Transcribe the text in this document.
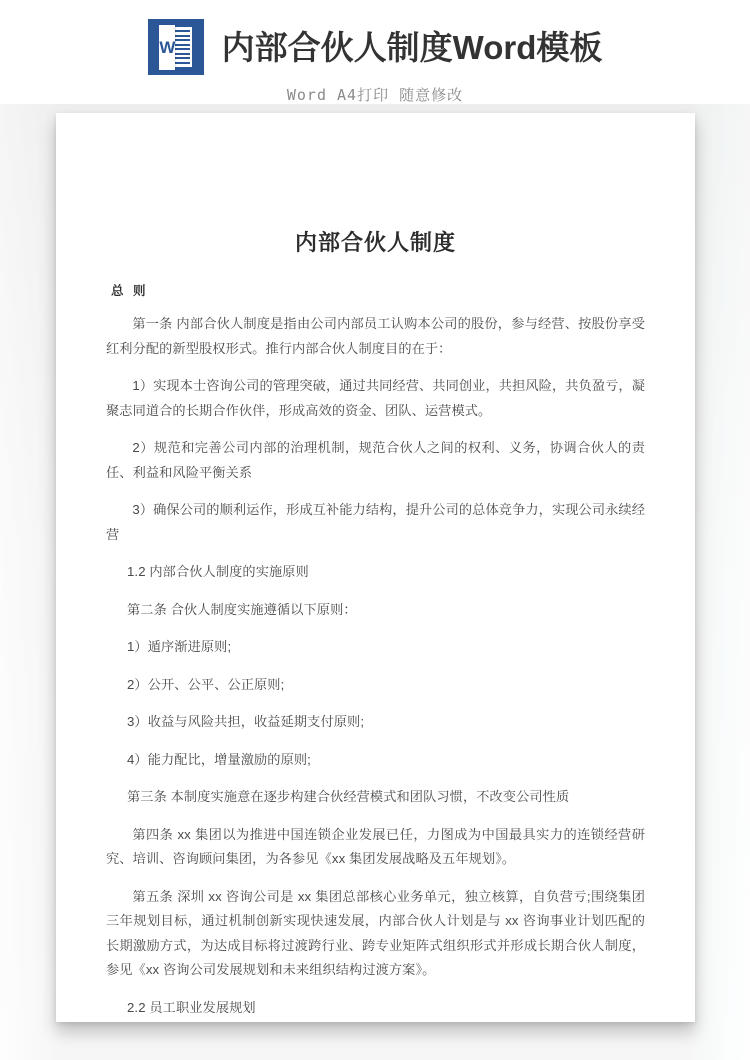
W 内部合伙人制度Word模板
Word A4打印 随意修改
内部合伙人制度
总 则
第一条 内部合伙人制度是指由公司内部员工认购本公司的股份，参与经营、按股份享受红利分配的新型股权形式。推行内部合伙人制度目的在于：
1）实现本士咨询公司的管理突破，通过共同经营、共同创业，共担风险，共负盈亏，凝聚志同道合的长期合作伙伴，形成高效的资金、团队、运营模式。
2）规范和完善公司内部的治理机制，规范合伙人之间的权利、义务，协调合伙人的责任、利益和风险平衡关系
3）确保公司的顺利运作，形成互补能力结构，提升公司的总体竞争力，实现公司永续经营
1.2 内部合伙人制度的实施原则
第二条 合伙人制度实施遵循以下原则：
1）遁序渐进原则;
2）公开、公平、公正原则;
3）收益与风险共担，收益延期支付原则;
4）能力配比，增量激励的原则;
第三条 本制度实施意在逐步构建合伙经营模式和团队习惯，不改变公司性质
第四条 xx 集团以为推进中国连锁企业发展已任，力图成为中国最具实力的连锁经营研究、培训、咨询顾问集团，为各参见《xx 集团发展战略及五年规划》。
第五条 深圳 xx 咨询公司是 xx 集团总部核心业务单元，独立核算，自负营亏;围绕集团三年规划目标，通过机制创新实现快速发展，内部合伙人计划是与 xx 咨询事业计划匹配的长期激励方式，为达成目标将过渡跨行业、跨专业矩阵式组织形式并形成长期合伙人制度，参见《xx 咨询公司发展规划和未来组织结构过渡方案》。
2.2 员工职业发展规划
